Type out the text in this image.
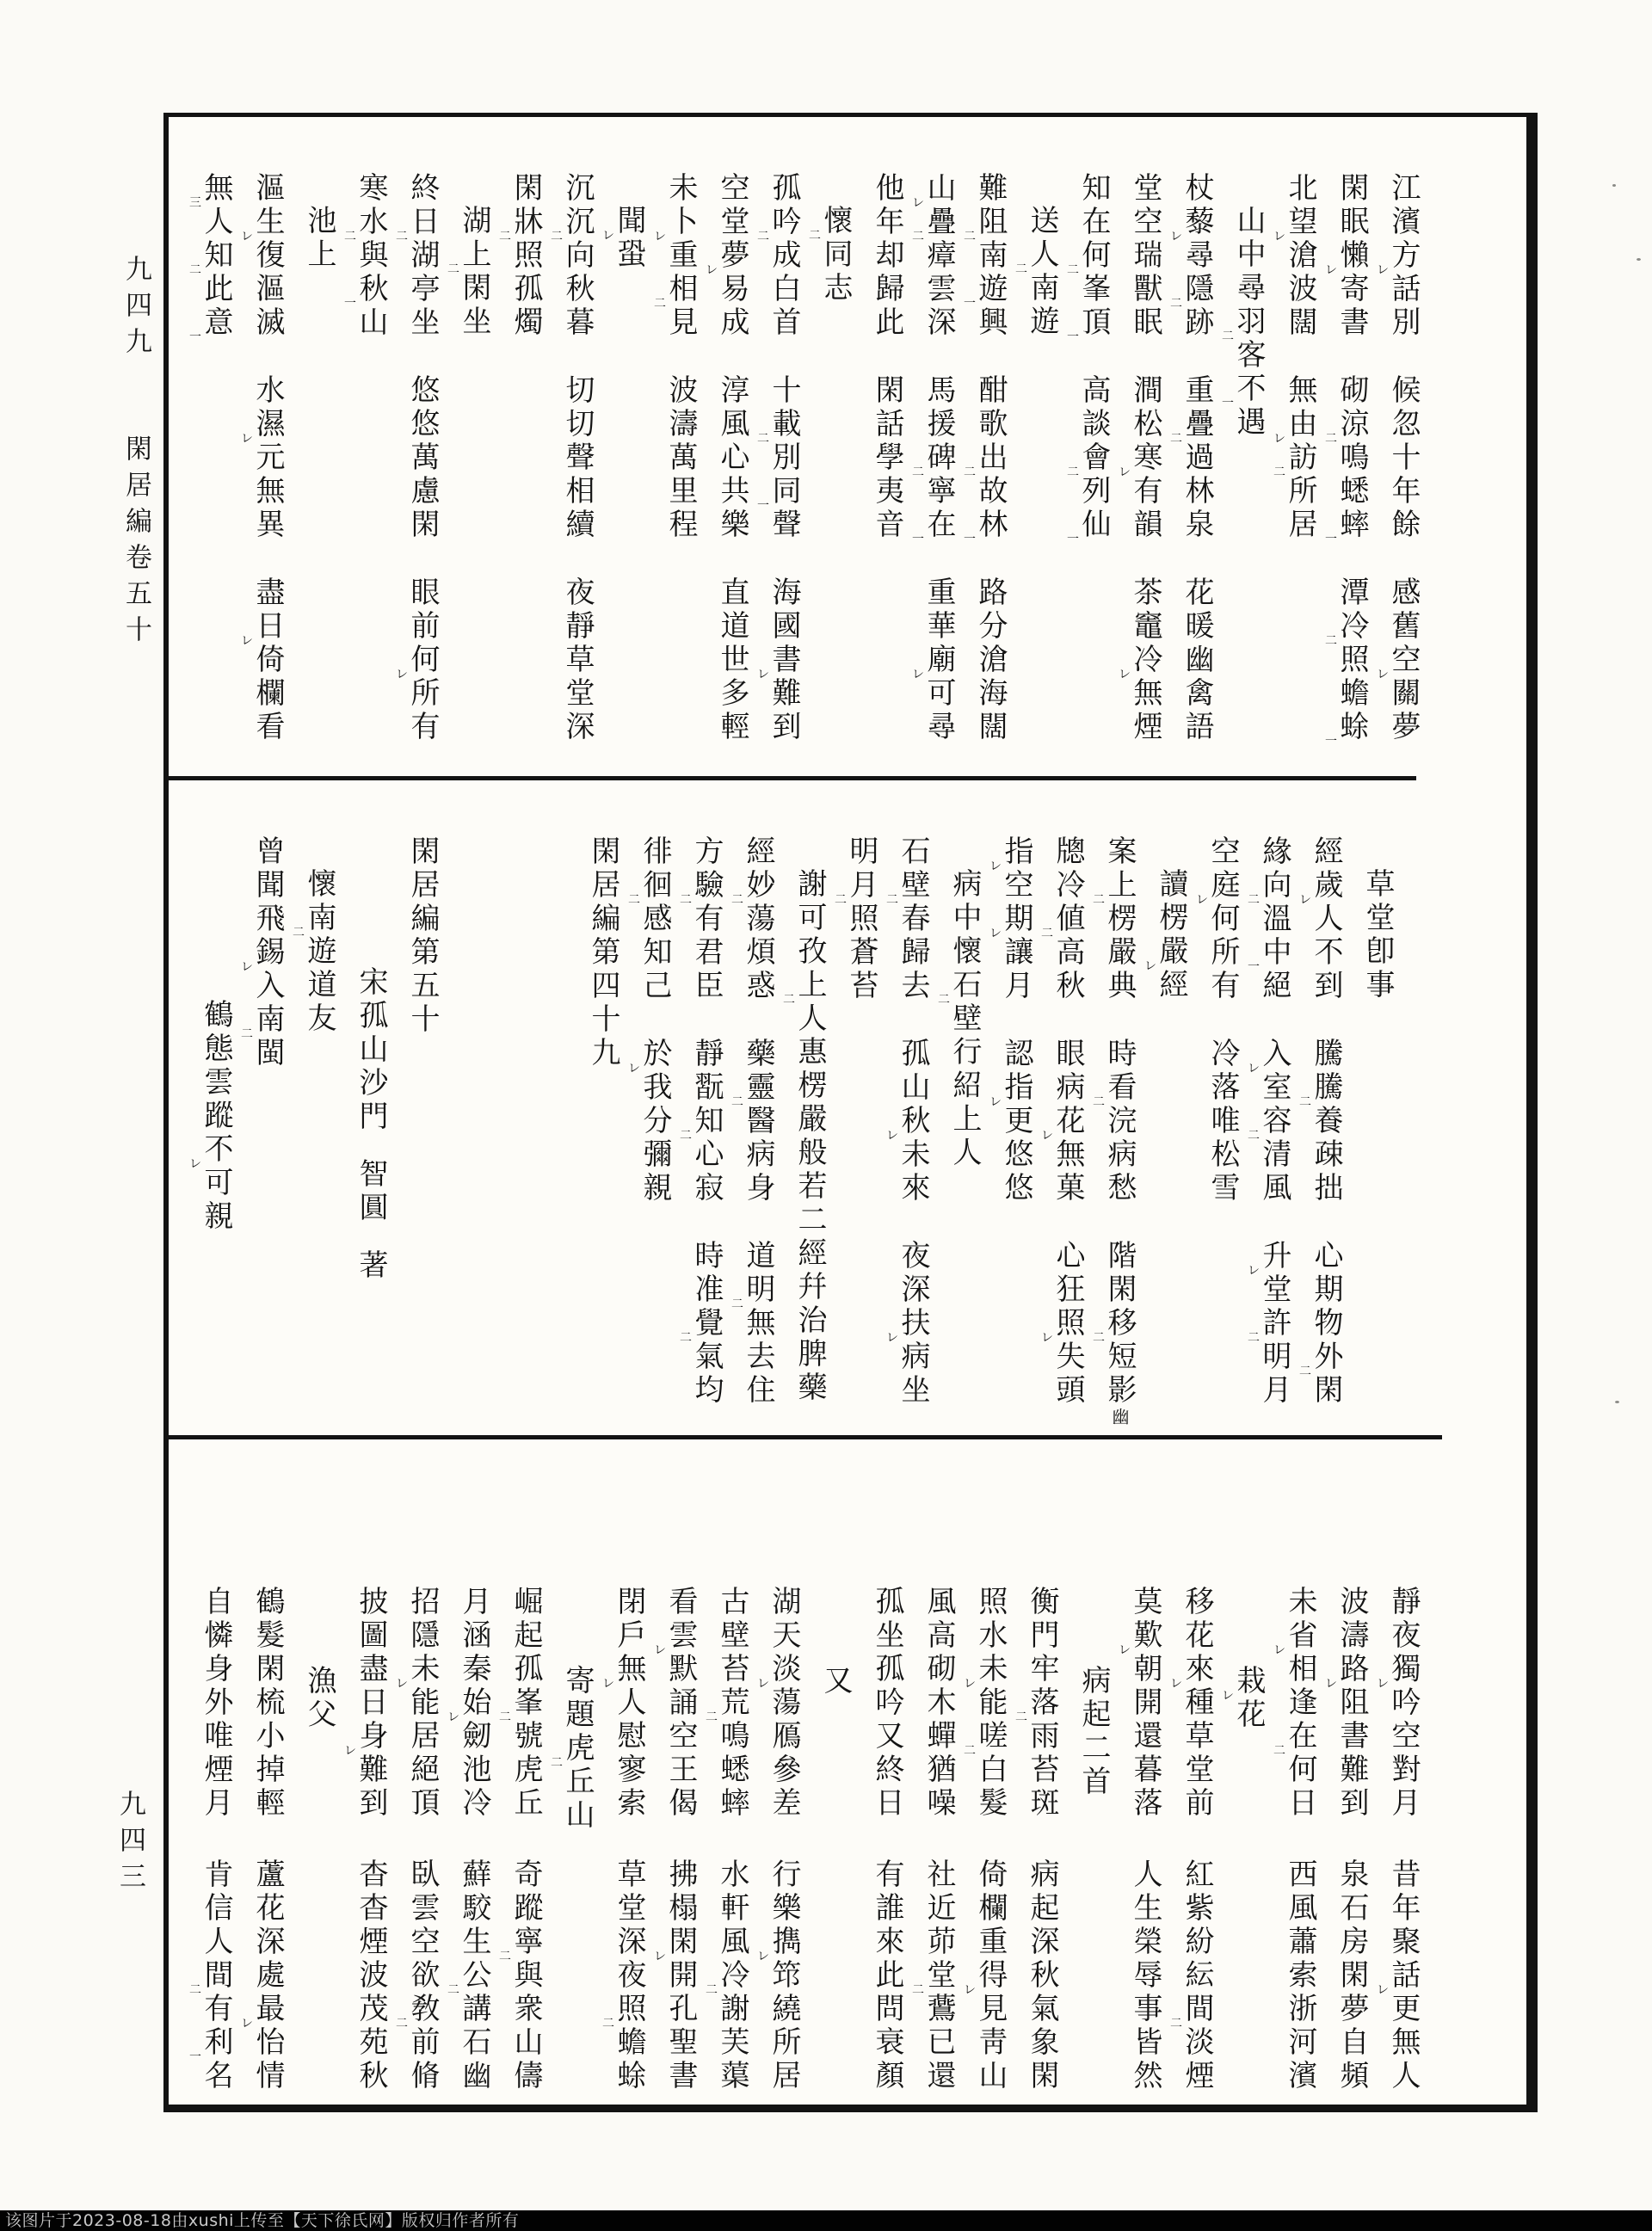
九四九 閑居編卷五十
九四三
江濱方話別
レ
候忽十年餘感舊空關夢
レ
閑眠懶寄書
レ
砌涼鳴蟋蟀
二
一
潭冷照蟾蜍
二
一
北望滄波闊
レ
無由訪所居
レ
二
山中尋羽客不遇
二
一
杖藜尋隱跡
レ
二
重疊過林泉
二
花暖幽禽語
堂空瑞獸眠澗松寒有韻
レ
茶竈冷無煙
レ
知在何峯頂
二
一
高談會列仙
二
一
送人南遊
二
難阻南遊興
二
一
酣歌出故林
二
一
路分滄海闊
山疊瘴雲深
レ
二
馬援碑寧在
二
一
重華廟可尋
レ
他年却歸此閑話學夷音
懷同志
二
孤吟成白首
二
十載別同聲
二
一
海國書難到
レ
空堂夢易成
レ
淳風心共樂直道世多輕
未卜重相見
レ
二
波濤萬里程
聞蛩
レ
沉沉向秋暮
二
切切聲相續夜靜草堂深
閑牀照孤燭
二
湖上閑坐
二
終日湖亭坐
二
悠悠萬慮閑眼前何所有
レ
寒水與秋山
二
一
池上
漚生復漚滅
レ
水濕元無異
レ
盡日倚欄看
レ
無人知此意
三
二
一
草堂卽事
經歲人不到
レ
騰騰養疎拙
二
心期物外閑
二
緣向溫中絕
二
一
入室容清風
レ
二
升堂許明月
レ
二
空庭何所有
レ
冷落唯松雪
讀楞嚴經
レ
案上楞嚴典
二
時看浣病愁
二
階閑移短影幽
二
牕冷値高秋
二
眼病花無菓
レ
心狂照失頭
レ
指空期讓月
レ
レ
認指更悠悠
レ
病中懷石壁行紹上人
二
石壁春歸去
二
孤山秋未來
レ
夜深扶病坐
レ
明月照蒼苔
二
謝可孜上人惠楞嚴般若二經幷治脾藥
二
經妙蕩煩惑
二
藥靈醫病身
二
道明無去住
二
方驗有君臣
二
靜翫知心寂
二
時准覺氣均
二
徘徊感知己
二
於我分彌親
レ
閑居編第四十九
閑居編第五十
宋孤山沙門智圓著
懷南遊道友
二
曾聞飛錫入南閩
レ
二
鶴態雲蹤不可親
レ
靜夜獨吟空對月
レ
昔年聚話更無人
レ
波濤路阻書難到
レ
泉石房閑夢自頻
未省相逢在何日
レ
二
西風蕭索浙河濱
栽花
レ
移花來種草堂前
レ
紅紫紛紜間淡煙
二
莫歎朝開還暮落
レ
人生榮辱事皆然
病起二首
衡門牢落雨苔斑
二
病起深秋氣象閑
照水未能嗟白髮
レ
二
倚欄重得見靑山
レ
風高砌木蟬猶噪社近茆堂鷰已還
二
孤坐孤吟又終日有誰來此問衰顏
又
湖天淡蕩鴈參差
レ
行樂擕筇繞所居
レ
古壁苔荒鳴蟋蟀
二
水軒風冷謝芙蕖
二
看雲默誦空王偈
レ
拂榻閑開孔聖書
レ
閉戶無人慰寥索
レ
草堂深夜照蟾蜍
二
寄題虎丘山
二
崛起孤峯號虎丘
二
奇蹤寧與衆山儔
二
月涵秦始劒池冷
レ
蘚駮生公講石幽
二
招隱未能居絕頂
レ
臥雲空欲敎前脩
二
披圖盡日身難到
レ
杳杳煙波茂苑秋
漁父
鶴髮閑梳小掉輕蘆花深處最怡情
レ
自憐身外唯煙月肯信人間有利名
二
一
该图片于2023-08-18由xushi上传至【天下徐氏网】版权归作者所有
